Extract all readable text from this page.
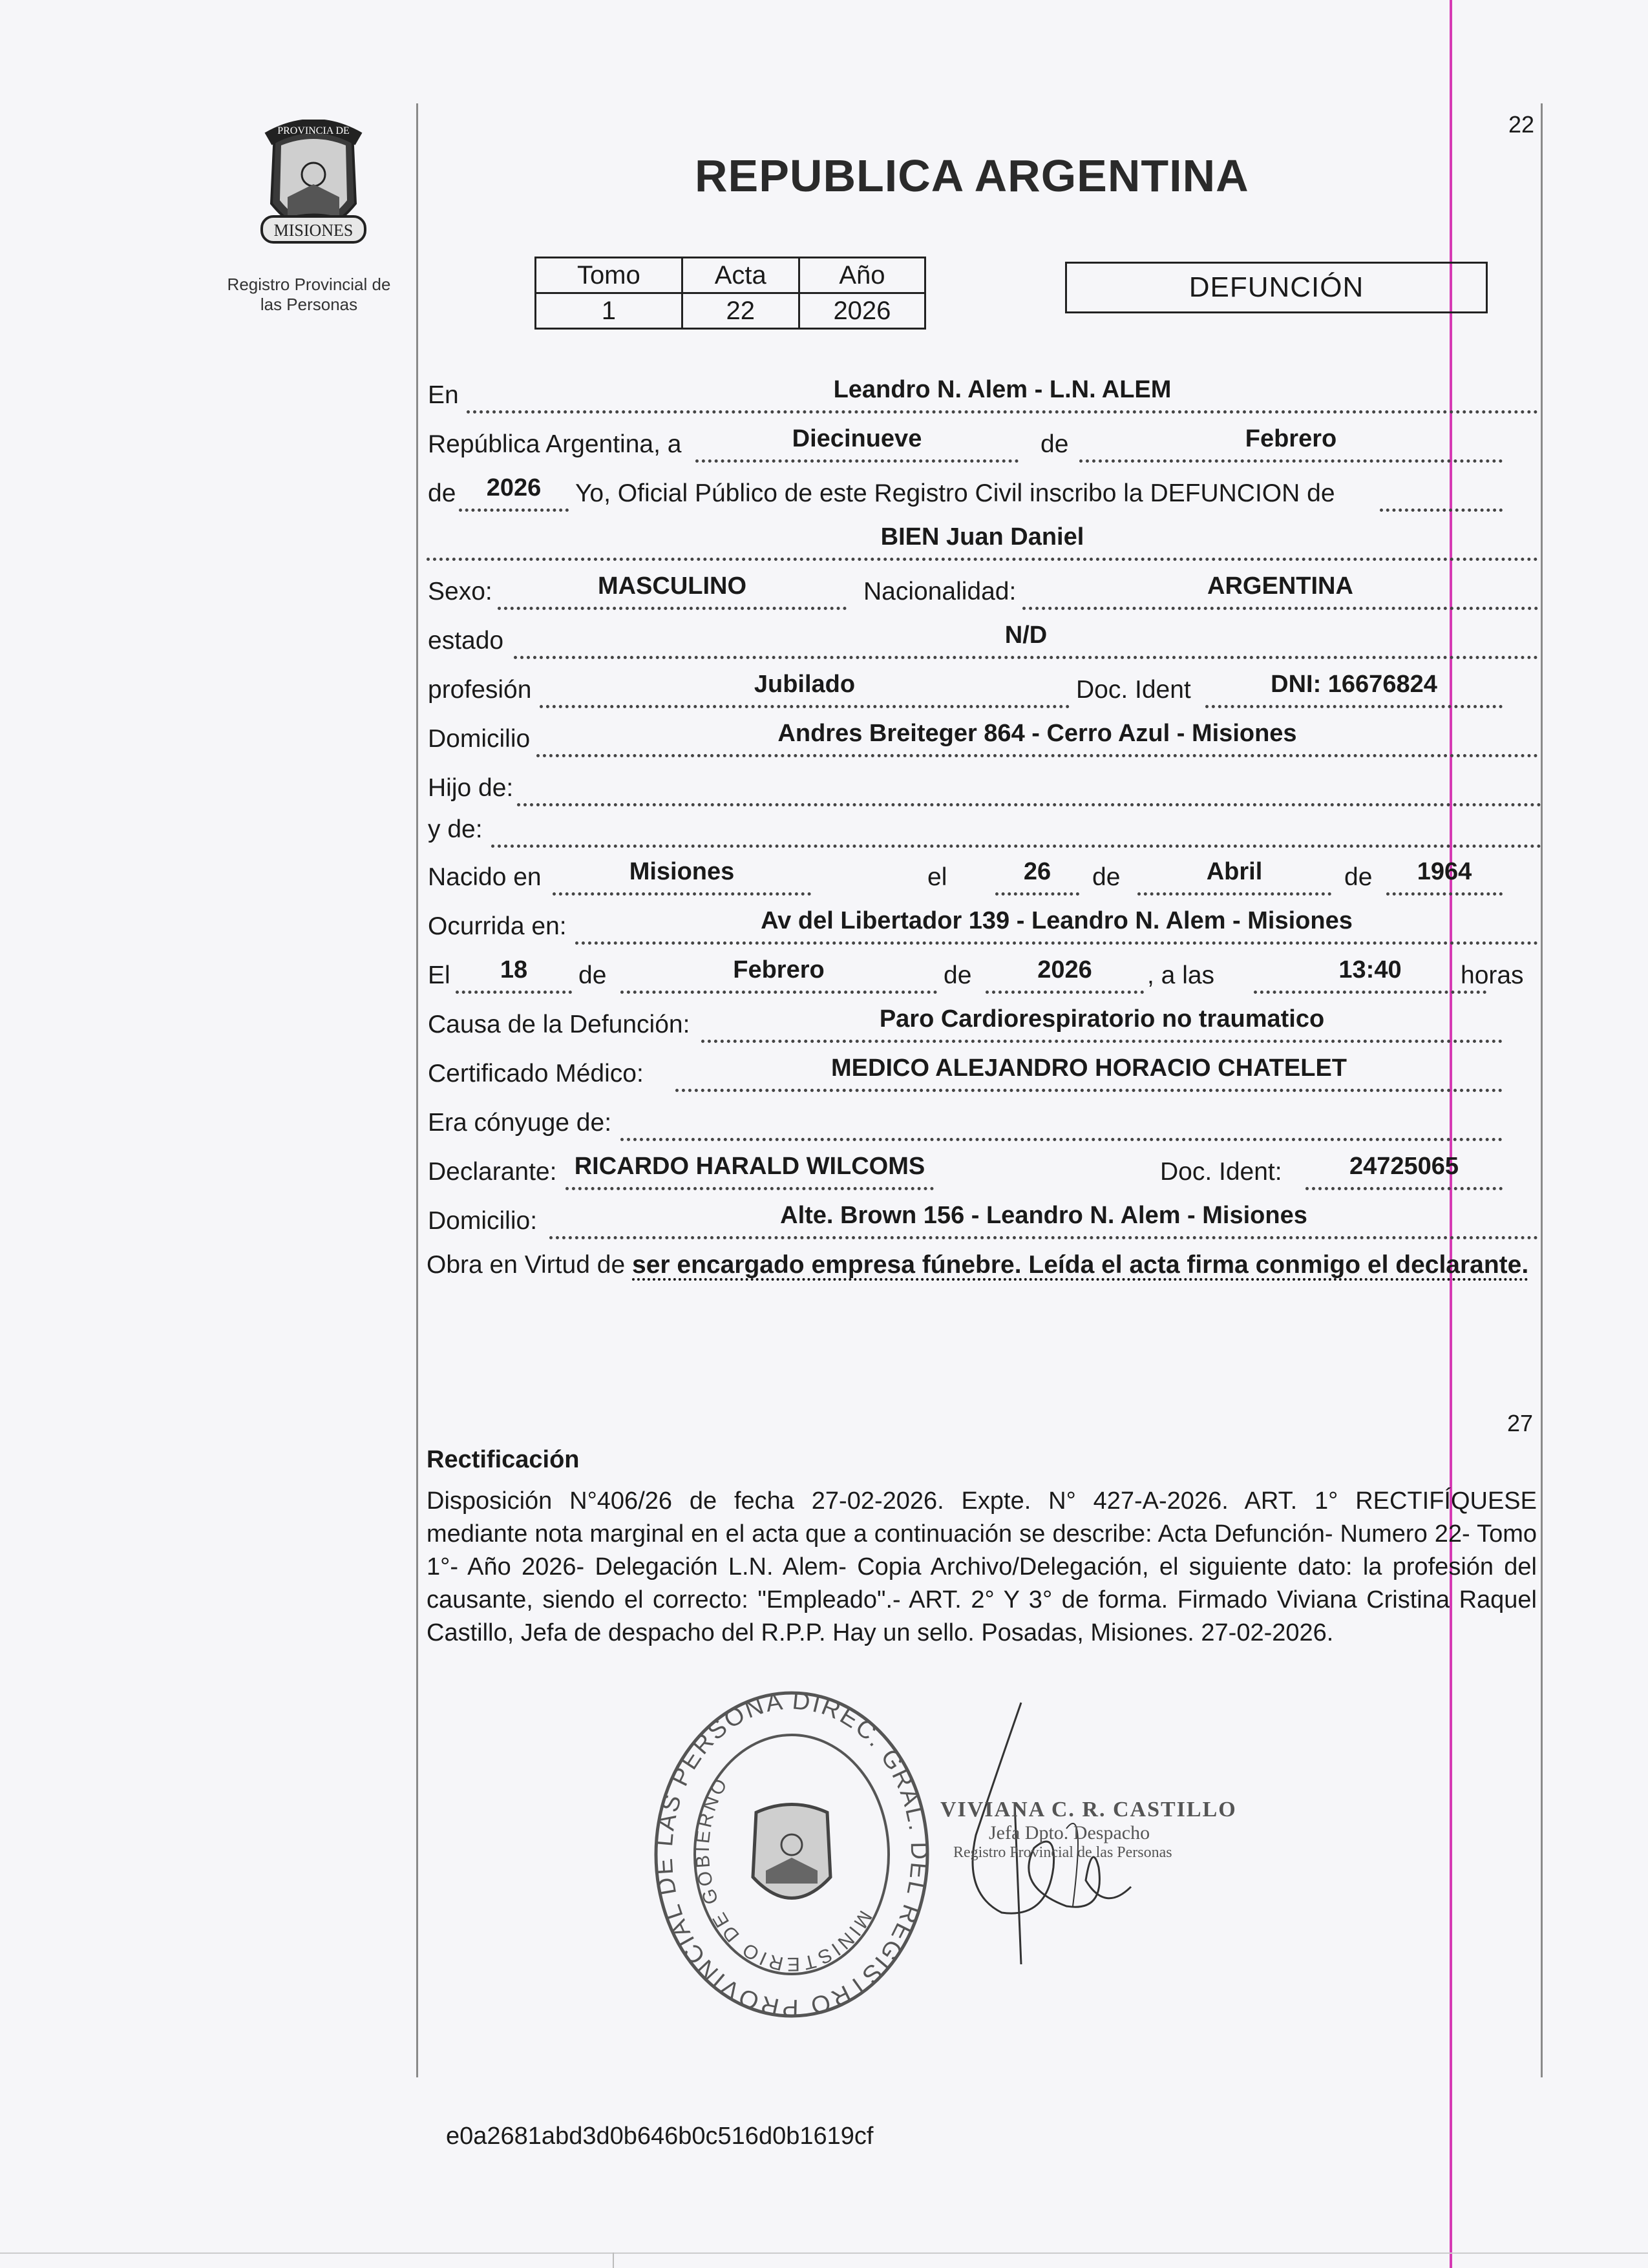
MISIONES
PROVINCIA DE
Registro Provincial de
las Personas
REPUBLICA ARGENTINA
22
Tomo	Acta	Año
1	22	2026
DEFUNCIÓN
En	Leandro N. Alem - L.N. ALEM
República Argentina, a	Diecinueve	de	Febrero
de	2026	Yo, Oficial Público de este Registro Civil inscribo la DEFUNCION de
BIEN Juan Daniel
Sexo:	MASCULINO	Nacionalidad:	ARGENTINA
estado	N/D
profesión	Jubilado	Doc. Ident	DNI: 16676824
Domicilio	Andres Breiteger 864 - Cerro Azul - Misiones
Hijo de:
y de:
Nacido en	Misiones	el	26	de	Abril	de	1964
Ocurrida en:	Av del Libertador 139 - Leandro N. Alem - Misiones
El	18	de	Febrero	de	2026	, a las	13:40	horas
Causa de la Defunción:	Paro Cardiorespiratorio no traumatico
Certificado Médico:	MEDICO ALEJANDRO HORACIO CHATELET
Era cónyuge de:
Declarante: RICARDO HARALD WILCOMS	Doc. Ident:	24725065
Domicilio:	Alte. Brown 156 - Leandro N. Alem - Misiones
Obra en Virtud de ser encargado empresa fúnebre. Leída el acta firma conmigo el declarante.
27
Rectificación
Disposición N°406/26 de fecha 27-02-2026. Expte. N° 427-A-2026. ART. 1° RECTIFÍQUESE mediante nota marginal en el acta que a continuación se describe: Acta Defunción- Numero 22- Tomo 1°- Año 2026- Delegación L.N. Alem- Copia Archivo/Delegación, el siguiente dato: la profesión del causante, siendo el correcto: "Empleado".- ART. 2° Y 3° de forma. Firmado Viviana Cristina Raquel Castillo, Jefa de despacho del R.P.P. Hay un sello. Posadas, Misiones. 27-02-2026.
DIREC. GRAL. DEL REGISTRO PROVINCIAL DE LAS PERSONA
MINISTERIO DE GOBIERNO
VIVIANA C. R. CASTILLO
Jefa Dpto. Despacho
Registro Provincial de las Personas
e0a2681abd3d0b646b0c516d0b1619cf
